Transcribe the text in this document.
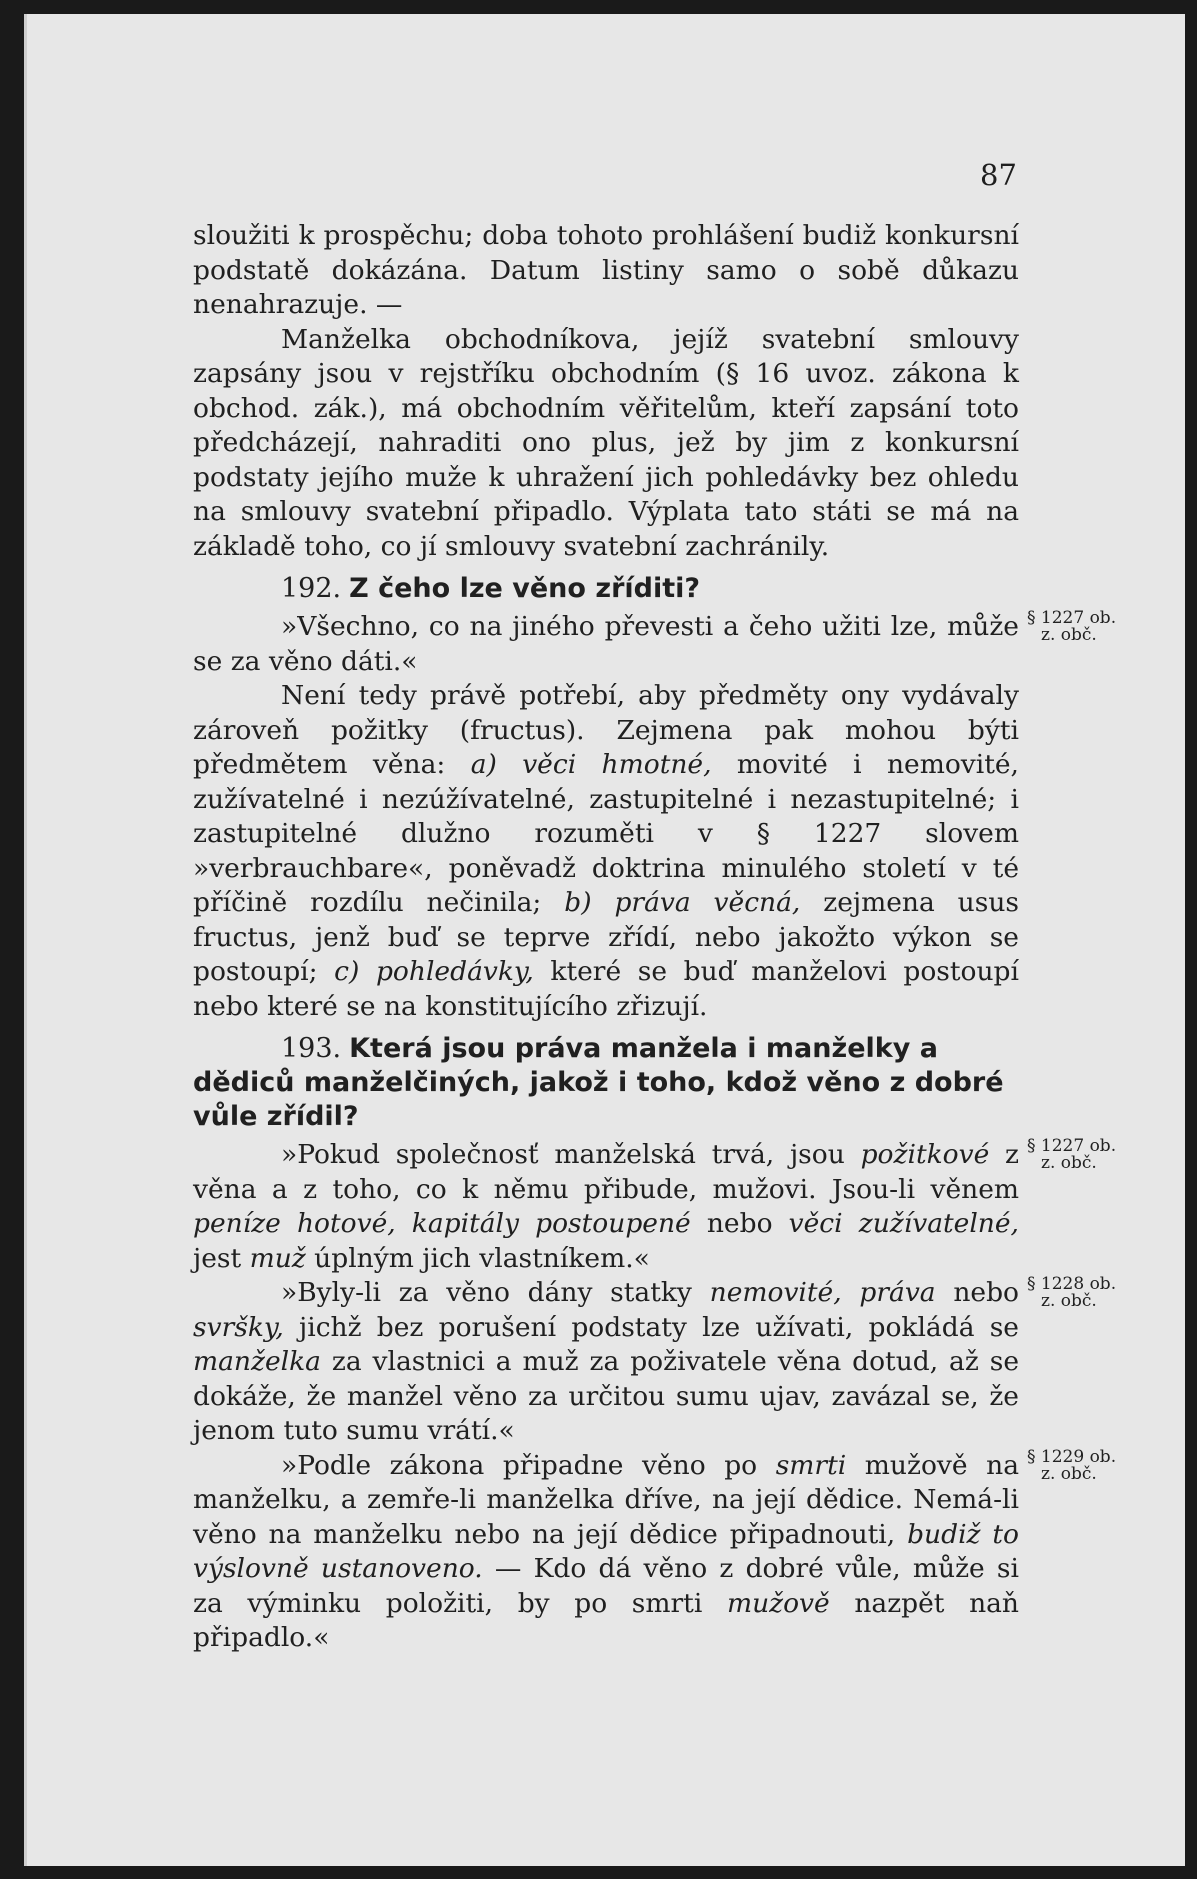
87

sloužiti k prospěchu; doba tohoto prohlášení budiž konkursní podstatě dokázána. Datum listiny samo o sobě důkazu nenahrazuje. —

Manželka obchodníkova, jejíž svatební smlouvy zapsány jsou v rejstříku obchodním (§ 16 uvoz. zákona k obchod. zák.), má obchodním věřitelům, kteří zapsání toto předcházejí, nahraditi ono plus, jež by jim z konkursní podstaty jejího muže k uhražení jich pohledávky bez ohledu na smlouvy svatební připadlo. Výplata tato státi se má na základě toho, co jí smlouvy svatební zachránily.

192. Z čeho lze věno zříditi?

»Všechno, co na jiného převesti a čeho užiti lze, může se za věno dáti.«
§ 1227 ob.
z. obč.

Není tedy právě potřebí, aby předměty ony vydávaly zároveň požitky (fructus). Zejmena pak mohou býti předmětem věna: a) věci hmotné, movité i nemovité, zužívatelné i nezúžívatelné, zastupitelné i nezastupitelné; i zastupitelné dlužno rozuměti v § 1227 slovem »verbrauchbare«, poněvadž doktrina minulého století v té příčině rozdílu nečinila; b) práva věcná, zejmena usus fructus, jenž buď se teprve zřídí, nebo jakožto výkon se postoupí; c) pohledávky, které se buď manželovi postoupí nebo které se na konstitujícího zřizují.

193. Která jsou práva manžela i manželky a dědiců manželčiných, jakož i toho, kdož věno z dobré vůle zřídil?

»Pokud společnosť manželská trvá, jsou požitkové z věna a z toho, co k němu přibude, mužovi. Jsou-li věnem peníze hotové, kapitály postoupené nebo věci zužívatelné, jest muž úplným jich vlastníkem.«
§ 1227 ob.
z. obč.

»Byly-li za věno dány statky nemovité, práva nebo svršky, jichž bez porušení podstaty lze užívati, pokládá se manželka za vlastnici a muž za poživatele věna dotud, až se dokáže, že manžel věno za určitou sumu ujav, zavázal se, že jenom tuto sumu vrátí.«
§ 1228 ob.
z. obč.

»Podle zákona připadne věno po smrti mužově na manželku, a zemře-li manželka dříve, na její dědice. Nemá-li věno na manželku nebo na její dědice připadnouti, budiž to výslovně ustanoveno. — Kdo dá věno z dobré vůle, může si za výminku položiti, by po smrti mužově nazpět naň připadlo.«
§ 1229 ob.
z. obč.
